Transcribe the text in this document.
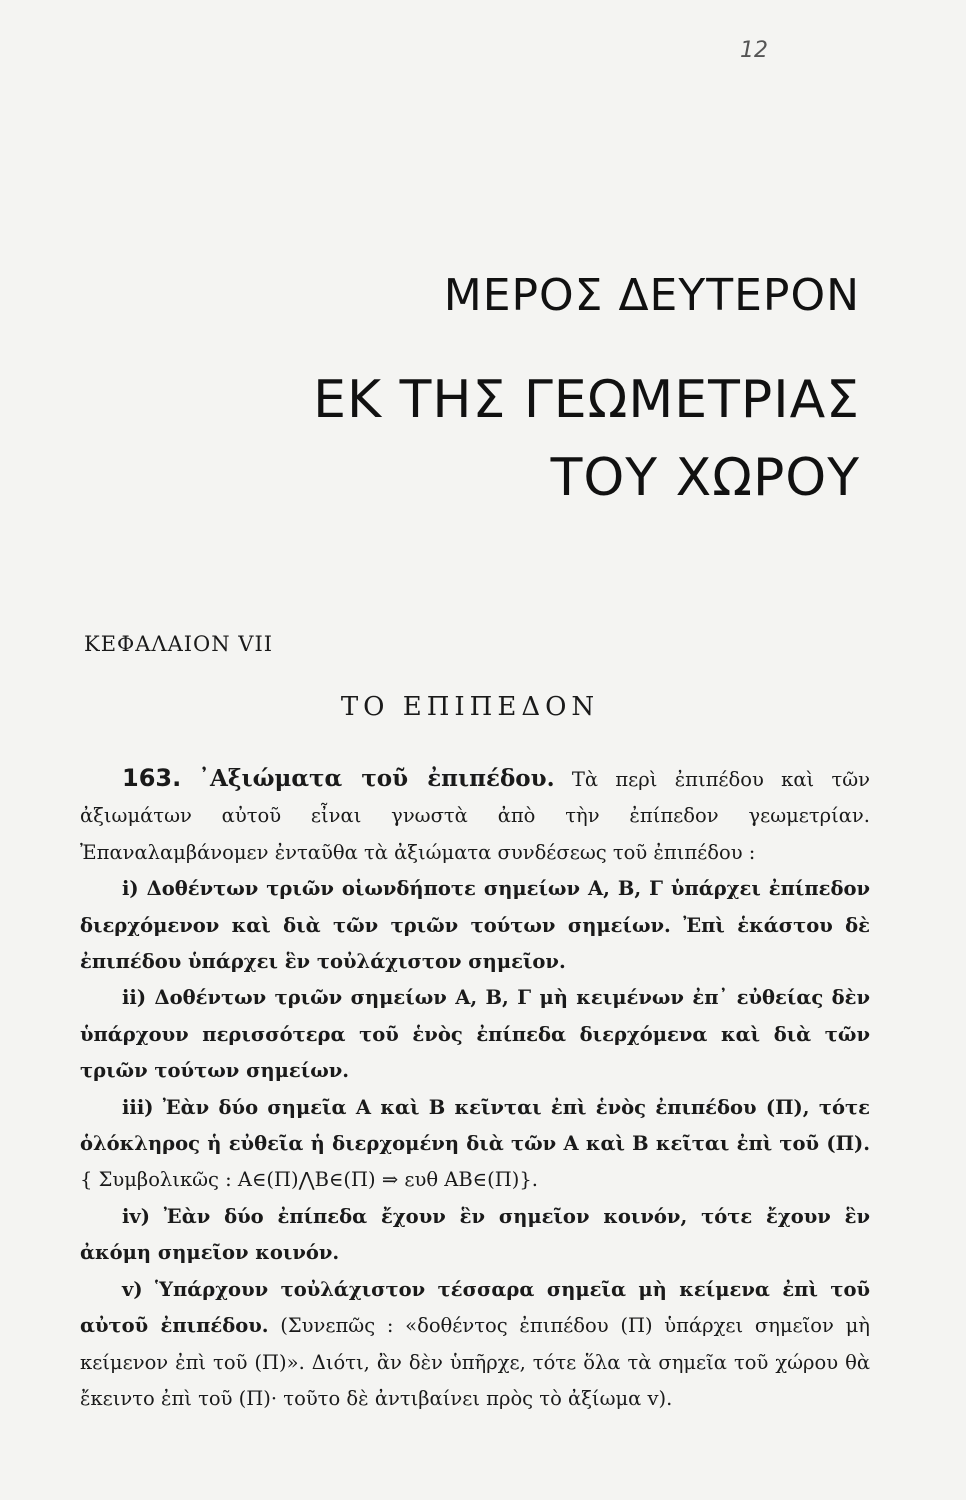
12
ΜΕΡΟΣ ΔΕΥΤΕΡΟΝ
ΕΚ ΤΗΣ ΓΕΩΜΕΤΡΙΑΣ
ΤΟΥ ΧΩΡΟΥ
ΚΕΦΑΛΑΙΟΝ VII
ΤΟ ΕΠΙΠΕΔΟΝ

163. ᾿Αξιώματα τοῦ ἐπιπέδου. Τὰ περὶ ἐπιπέδου καὶ τῶν ἀξιωμάτων αὐτοῦ εἶναι γνωστὰ ἀπὸ τὴν ἐπίπεδον γεωμετρίαν. Ἐπαναλαμβάνομεν ἐνταῦθα τὰ ἀξιώματα συνδέσεως τοῦ ἐπιπέδου :

i) Δοθέντων τριῶν οἱωνδήποτε σημείων Α, Β, Γ ὑπάρχει ἐπίπεδον διερχόμενον καὶ διὰ τῶν τριῶν τούτων σημείων. Ἐπὶ ἑκάστου δὲ ἐπιπέδου ὑπάρχει ἓν τοὐλάχιστον σημεῖον.

ii) Δοθέντων τριῶν σημείων Α, Β, Γ μὴ κειμένων ἐπ᾿ εὐθείας δὲν ὑπάρχουν περισσότερα τοῦ ἑνὸς ἐπίπεδα διερχόμενα καὶ διὰ τῶν τριῶν τούτων σημείων.

iii) Ἐὰν δύο σημεῖα Α καὶ Β κεῖνται ἐπὶ ἑνὸς ἐπιπέδου (Π), τότε ὁλόκληρος ἡ εὐθεῖα ἡ διερχομένη διὰ τῶν Α καὶ Β κεῖται ἐπὶ τοῦ (Π). { Συμβολικῶς : Α∈(Π)⋀Β∈(Π) ⇒ ευθ ΑΒ∈(Π)}.

iv) Ἐὰν δύο ἐπίπεδα ἔχουν ἓν σημεῖον κοινόν, τότε ἔχουν ἓν ἀκόμη σημεῖον κοινόν.

v) Ὑπάρχουν τοὐλάχιστον τέσσαρα σημεῖα μὴ κείμενα ἐπὶ τοῦ αὐτοῦ ἐπιπέδου. (Συνεπῶς : «δοθέντος ἐπιπέδου (Π) ὑπάρχει σημεῖον μὴ κείμενον ἐπὶ τοῦ (Π)». Διότι, ἂν δὲν ὑπῆρχε, τότε ὅλα τὰ σημεῖα τοῦ χώρου θὰ ἔκειντο ἐπὶ τοῦ (Π)· τοῦτο δὲ ἀντιβαίνει πρὸς τὸ ἀξίωμα v).
